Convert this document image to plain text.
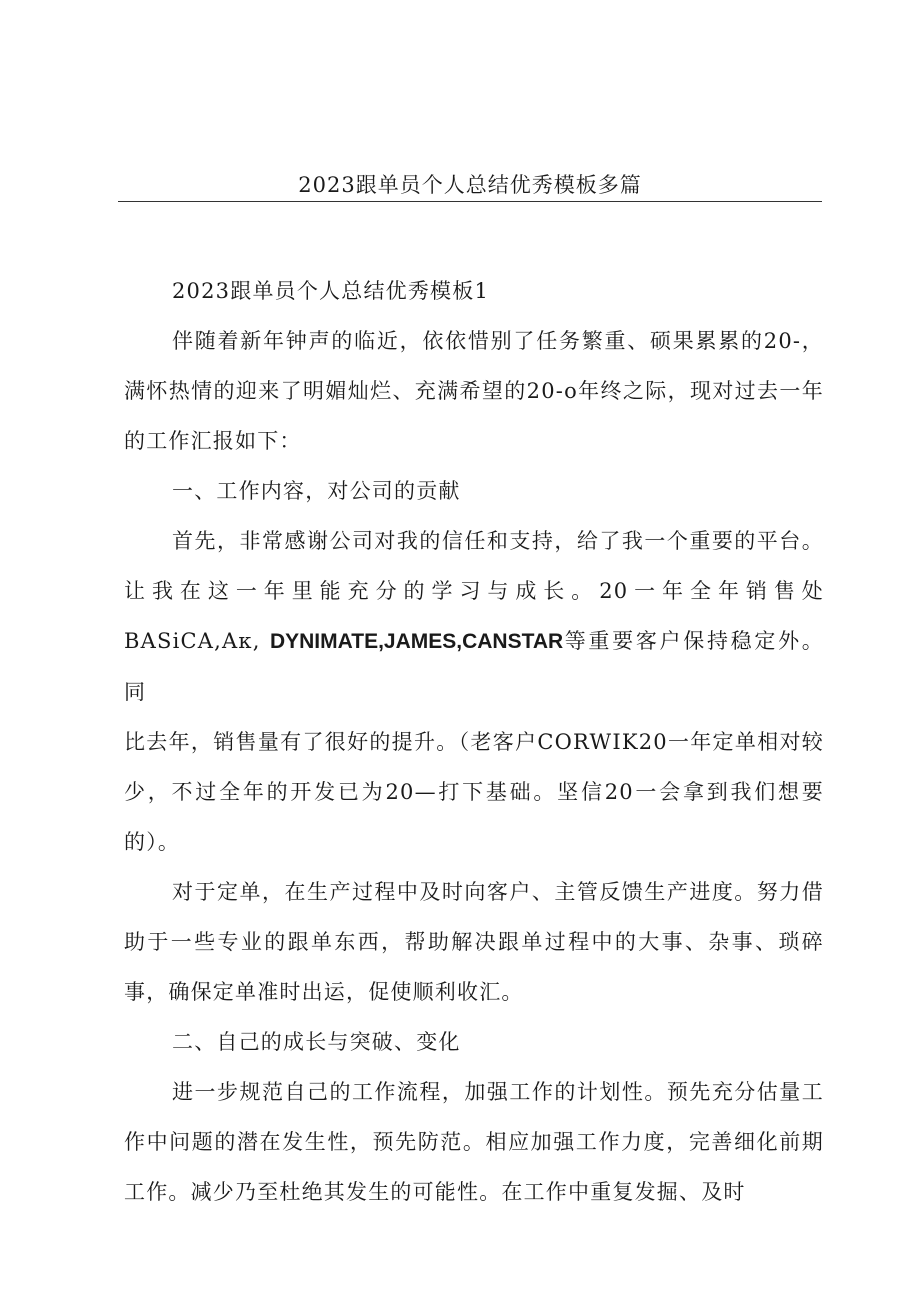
2023跟单员个人总结优秀模板多篇

2023跟单员个人总结优秀模板1

伴随着新年钟声的临近，依依惜别了任务繁重、硕果累累的20-，满怀热情的迎来了明媚灿烂、充满希望的20-o年终之际，现对过去一年的工作汇报如下：

一、工作内容，对公司的贡献

首先，非常感谢公司对我的信任和支持，给了我一个重要的平台。

让我在这一年里能充分的学习与成长。20一年全年销售处

BASiCA,Aκ, DYNIMATE,JAMES,CANSTAR等重要客户保持稳定外。同

比去年，销售量有了很好的提升。（老客户CORWIK20一年定单相对较少，不过全年的开发已为20—打下基础。坚信20一会拿到我们想要的）。

对于定单，在生产过程中及时向客户、主管反馈生产进度。努力借助于一些专业的跟单东西，帮助解决跟单过程中的大事、杂事、琐碎事，确保定单准时出运，促使顺利收汇。

二、自己的成长与突破、变化

进一步规范自己的工作流程，加强工作的计划性。预先充分估量工作中问题的潜在发生性，预先防范。相应加强工作力度，完善细化前期工作。减少乃至杜绝其发生的可能性。在工作中重复发掘、及时
